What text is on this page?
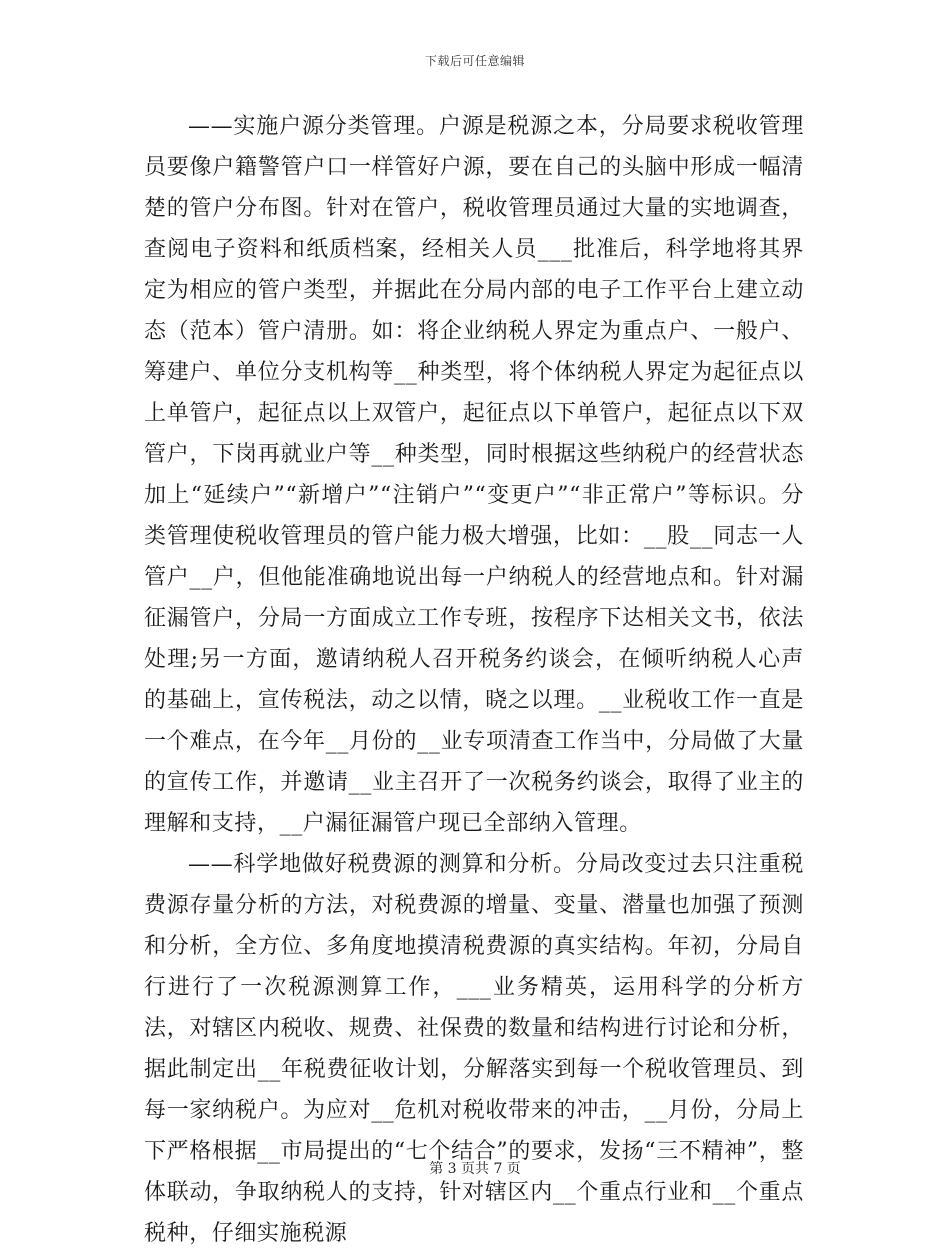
下载后可任意编辑

——实施户源分类管理。户源是税源之本，分局要求税收管理员要像户籍警管户口一样管好户源，要在自己的头脑中形成一幅清楚的管户分布图。针对在管户，税收管理员通过大量的实地调查，查阅电子资料和纸质档案，经相关人员___批准后，科学地将其界定为相应的管户类型，并据此在分局内部的电子工作平台上建立动态（范本）管户清册。如：将企业纳税人界定为重点户、一般户、筹建户、单位分支机构等__种类型，将个体纳税人界定为起征点以上单管户，起征点以上双管户，起征点以下单管户，起征点以下双管户，下岗再就业户等__种类型，同时根据这些纳税户的经营状态加上“延续户”“新增户”“注销户”“变更户”“非正常户”等标识。分类管理使税收管理员的管户能力极大增强，比如：__股__同志一人管户__户，但他能准确地说出每一户纳税人的经营地点和。针对漏征漏管户，分局一方面成立工作专班，按程序下达相关文书，依法处理;另一方面，邀请纳税人召开税务约谈会，在倾听纳税人心声的基础上，宣传税法，动之以情，晓之以理。__业税收工作一直是一个难点，在今年__月份的__业专项清查工作当中，分局做了大量的宣传工作，并邀请__业主召开了一次税务约谈会，取得了业主的理解和支持，__户漏征漏管户现已全部纳入管理。

——科学地做好税费源的测算和分析。分局改变过去只注重税费源存量分析的方法，对税费源的增量、变量、潜量也加强了预测和分析，全方位、多角度地摸清税费源的真实结构。年初，分局自行进行了一次税源测算工作，___业务精英，运用科学的分析方法，对辖区内税收、规费、社保费的数量和结构进行讨论和分析，据此制定出__年税费征收计划，分解落实到每一个税收管理员、到每一家纳税户。为应对__危机对税收带来的冲击，__月份，分局上下严格根据__市局提出的“七个结合”的要求，发扬“三不精神”，整体联动，争取纳税人的支持，针对辖区内__个重点行业和__个重点税种，仔细实施税源

第 3 页共 7 页
